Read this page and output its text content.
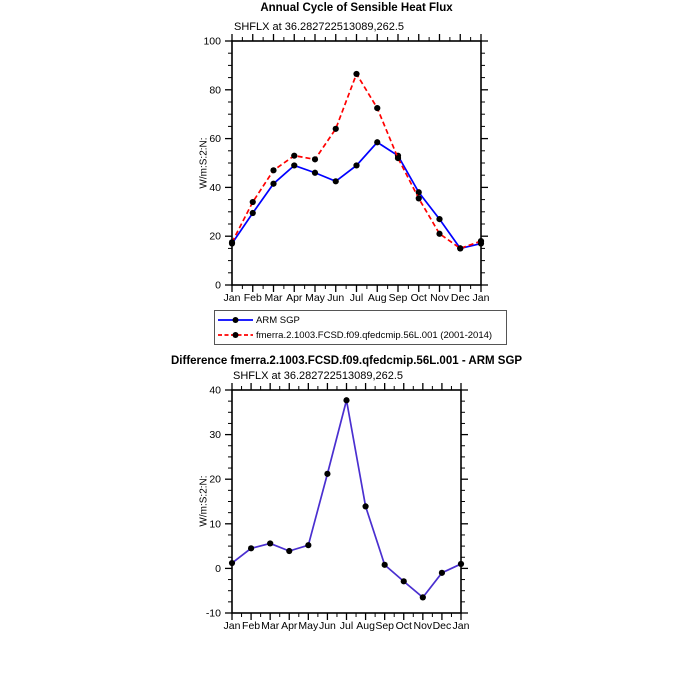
Annual Cycle of Sensible Heat Flux
SHFLX at 36.282722513089,262.5
W/m:S:2:N:
0
20
40
60
80
100
Jan Feb Mar Apr May Jun Jul Aug Sep Oct Nov Dec Jan
ARM SGP
fmerra.2.1003.FCSD.f09.qfedcmip.56L.001 (2001-2014)
Difference fmerra.2.1003.FCSD.f09.qfedcmip.56L.001 - ARM SGP
SHFLX at 36.282722513089,262.5
W/m:S:2:N:
-10
0
10
20
30
40
Jan Feb Mar Apr May Jun Jul Aug Sep Oct Nov Dec Jan
